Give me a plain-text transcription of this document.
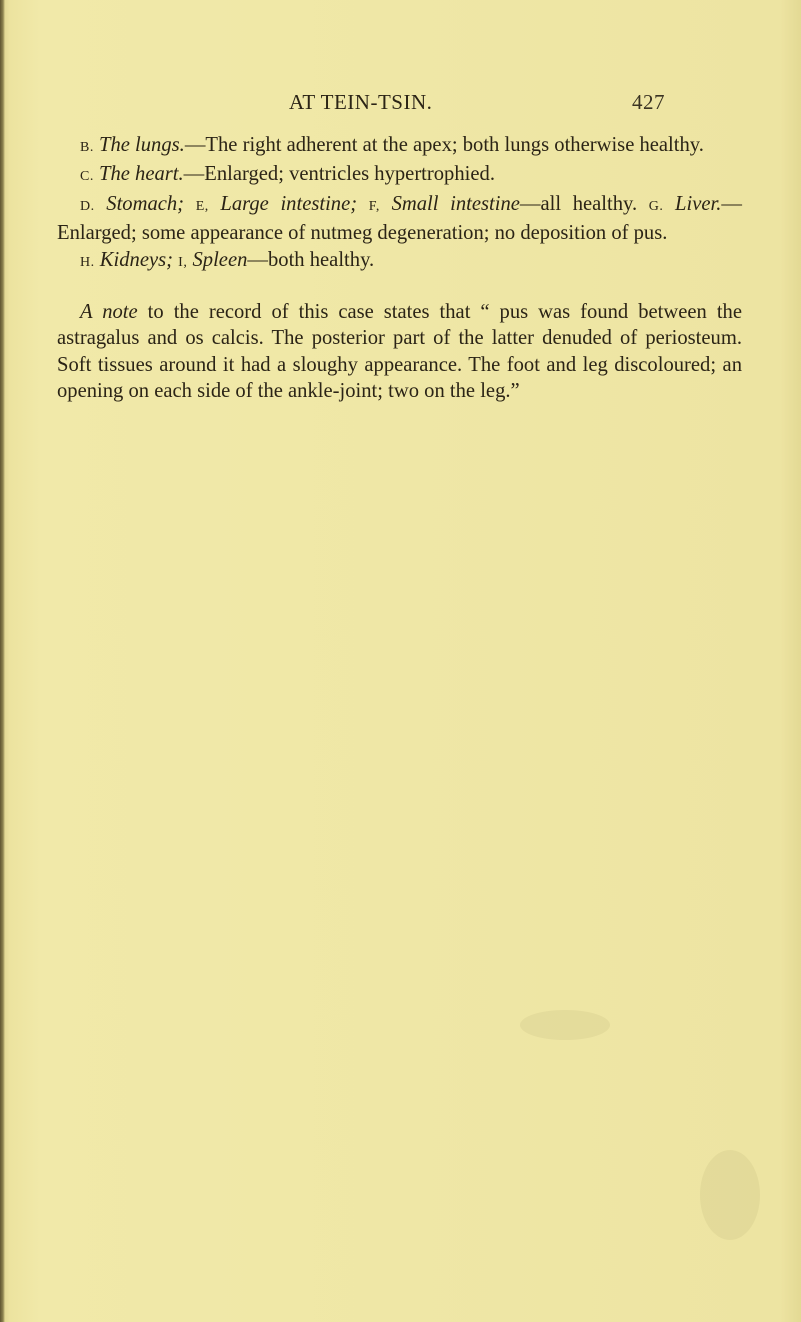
AT TEIN-TSIN.	427

B. The lungs.—The right adherent at the apex; both lungs otherwise healthy.

C. The heart.—Enlarged; ventricles hypertrophied.

D. Stomach; E, Large intestine; F, Small intestine—all healthy. G. Liver.—Enlarged; some appearance of nutmeg degeneration; no deposition of pus.

H. Kidneys; I, Spleen—both healthy.

A note to the record of this case states that “ pus was found between the astragalus and os calcis. The posterior part of the latter denuded of periosteum. Soft tissues around it had a sloughy appearance. The foot and leg discoloured; an opening on each side of the ankle-joint; two on the leg.”
